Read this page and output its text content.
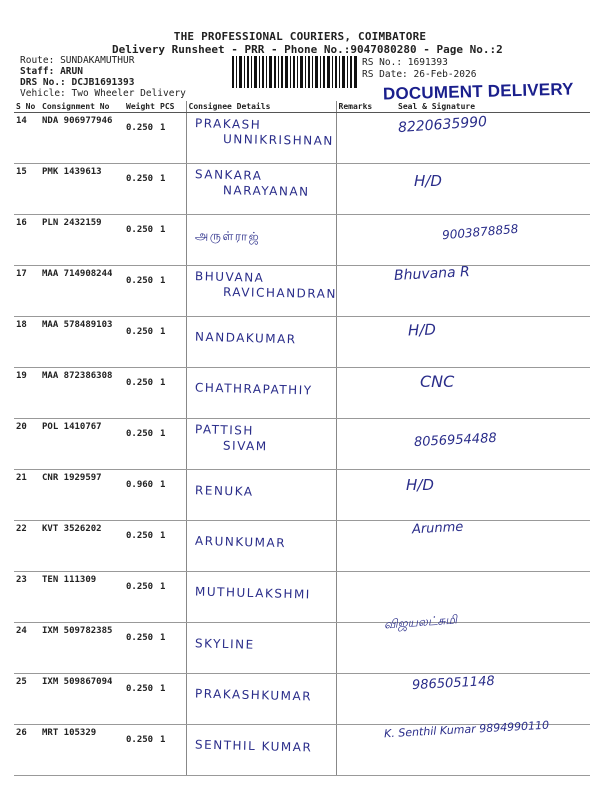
THE PROFESSIONAL COURIERS, COIMBATORE
Delivery Runsheet - PRR - Phone No.:9047080280 - Page No.:2
Route: SUNDAKAMUTHUR
Staff: ARUN
DRS No.: DCJB1691393
Vehicle: Two Wheeler Delivery
RS No.: 1691393
RS Date: 26-Feb-2026
DOCUMENT DELIVERY
S No	Consignment No	Weight	PCS	Consignee Details	Remarks	Seal & Signature
14	NDA 906977946	0.250	1	PRAKASH
UNNIKRISHNAN		8220635990

15	PMK 1439613	0.250	1	SANKARA
NARAYANAN		H/D

16	PLN 2432159	0.250	1	அருள்ராஜ்		9003878858

17	MAA 714908244	0.250	1	BHUVANA
RAVICHANDRAN		Bhuvana R

18	MAA 578489103	0.250	1	NANDAKUMAR		H/D

19	MAA 872386308	0.250	1	CHATHRAPATHIY		CNC

20	POL 1410767	0.250	1	PATTISH
SIVAM		8056954488

21	CNR 1929597	0.960	1	RENUKA		H/D

22	KVT 3526202	0.250	1	ARUNKUMAR		Arunme

23	TEN 111309	0.250	1	MUTHULAKSHMI		

24	IXM 509782385	0.250	1	SKYLINE		விஜயலட்சுமி

25	IXM 509867094	0.250	1	PRAKASHKUMAR		9865051148

26	MRT 105329	0.250	1	SENTHIL KUMAR		K. Senthil Kumar 9894990110
